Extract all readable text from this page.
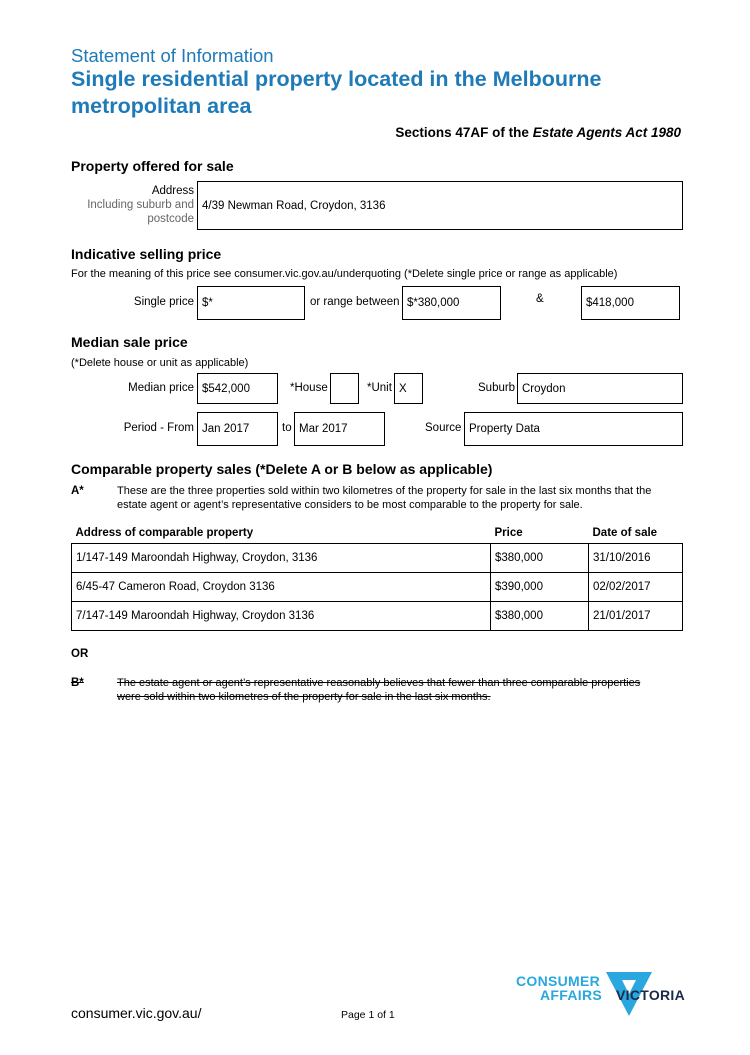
Statement of Information
Single residential property located in the Melbourne
metropolitan area
Sections 47AF of the Estate Agents Act 1980
Property offered for sale
Address
Including suburb and
postcode
4/39 Newman Road, Croydon, 3136
Indicative selling price
For the meaning of this price see consumer.vic.gov.au/underquoting (*Delete single price or range as applicable)
Single price $*	or range between $*380,000	&	$418,000
Median sale price
(*Delete house or unit as applicable)
Median price $542,000	*House	*Unit X	Suburb Croydon
Period - From Jan 2017	to Mar 2017	Source Property Data
Comparable property sales (*Delete A or B below as applicable)
A*	These are the three properties sold within two kilometres of the property for sale in the last six months that the
estate agent or agent’s representative considers to be most comparable to the property for sale.
Address of comparable property	Price	Date of sale
1/147-149 Maroondah Highway, Croydon, 3136	$380,000	31/10/2016
6/45-47 Cameron Road, Croydon 3136	$390,000	02/02/2017
7/147-149 Maroondah Highway, Croydon 3136	$380,000	21/01/2017
OR
B*	The estate agent or agent’s representative reasonably believes that fewer than three comparable properties
were sold within two kilometres of the property for sale in the last six months.
CONSUMER
AFFAIRS VICTORIA
consumer.vic.gov.au/	Page 1 of 1
